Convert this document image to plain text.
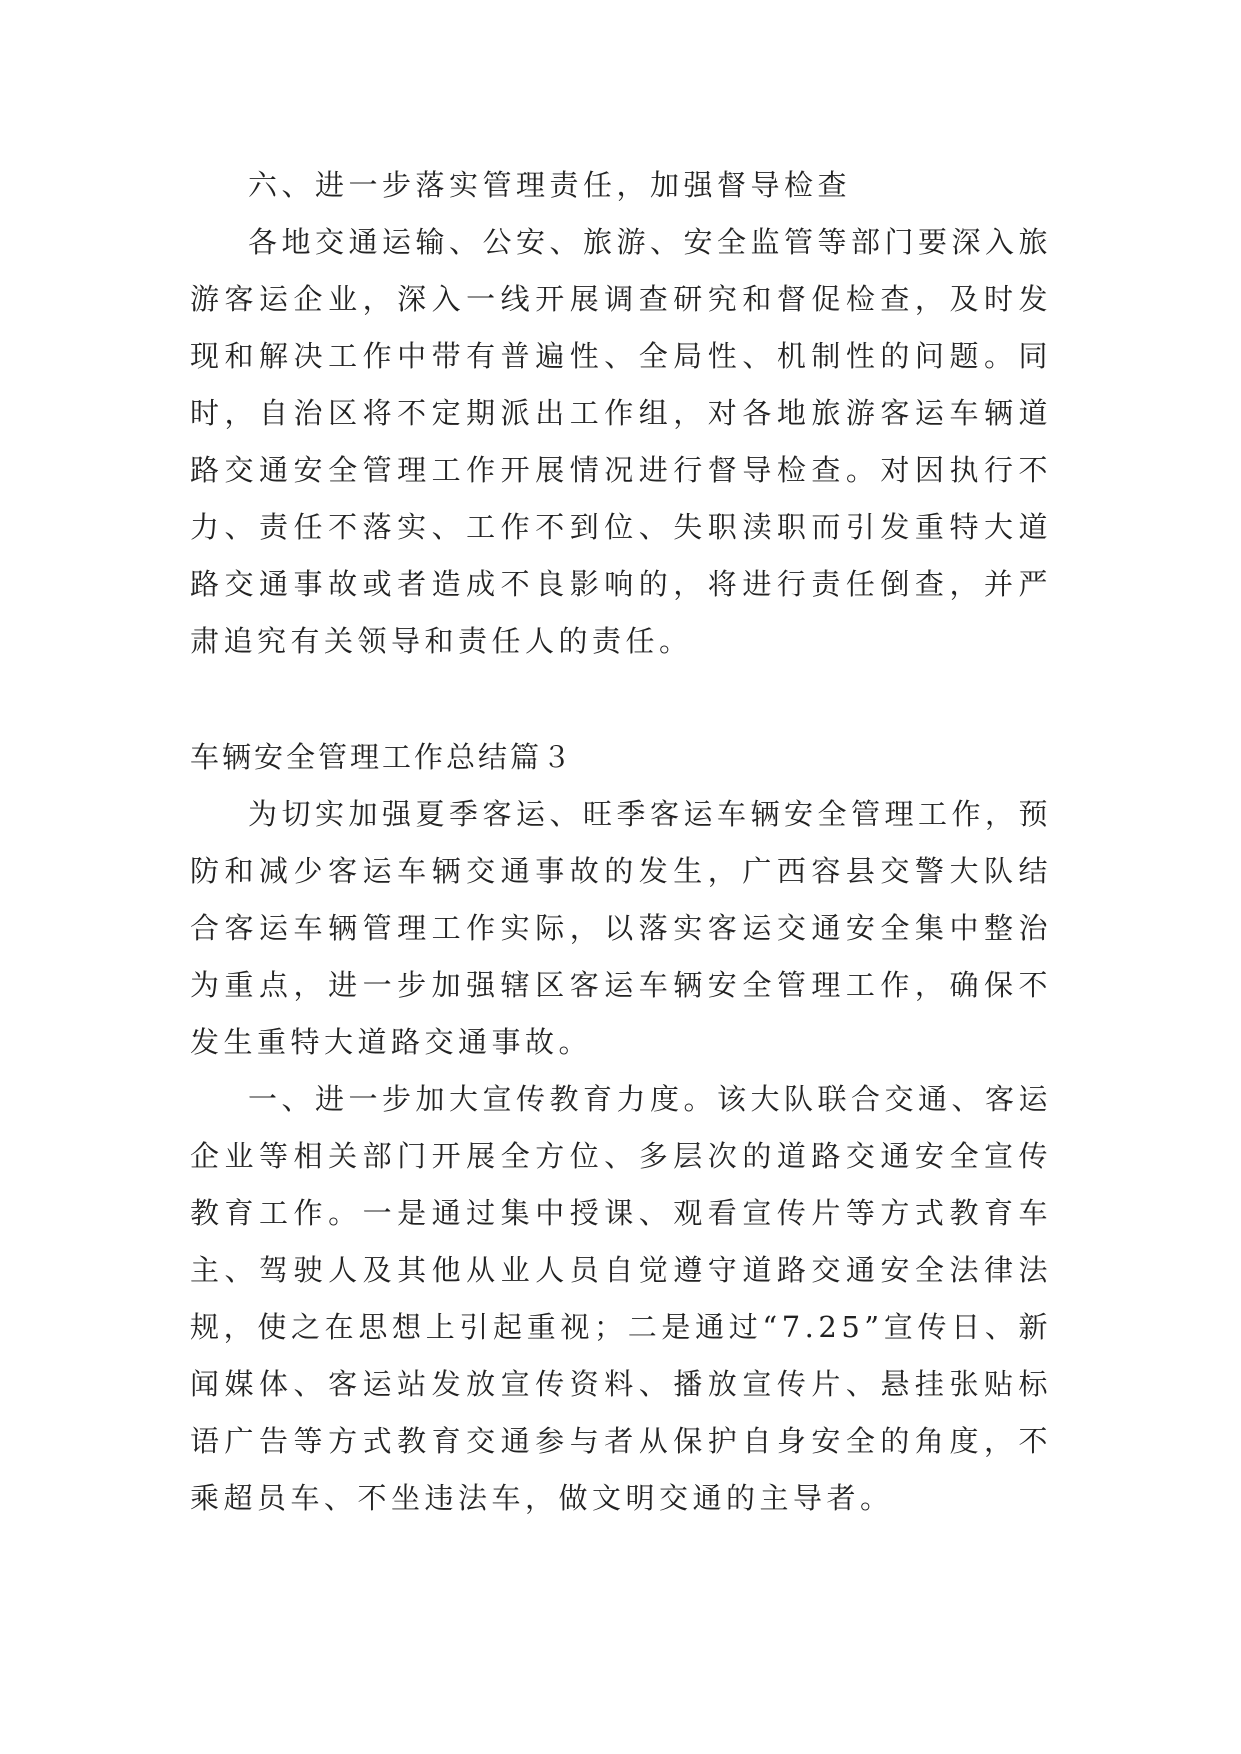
六、进一步落实管理责任，加强督导检查

各地交通运输、公安、旅游、安全监管等部门要深入旅游客运企业，深入一线开展调查研究和督促检查，及时发现和解决工作中带有普遍性、全局性、机制性的问题。同时，自治区将不定期派出工作组，对各地旅游客运车辆道路交通安全管理工作开展情况进行督导检查。对因执行不力、责任不落实、工作不到位、失职渎职而引发重特大道路交通事故或者造成不良影响的，将进行责任倒查，并严肃追究有关领导和责任人的责任。

车辆安全管理工作总结篇３

为切实加强夏季客运、旺季客运车辆安全管理工作，预防和减少客运车辆交通事故的发生，广西容县交警大队结合客运车辆管理工作实际，以落实客运交通安全集中整治为重点，进一步加强辖区客运车辆安全管理工作，确保不发生重特大道路交通事故。

一、进一步加大宣传教育力度。该大队联合交通、客运企业等相关部门开展全方位、多层次的道路交通安全宣传教育工作。一是通过集中授课、观看宣传片等方式教育车主、驾驶人及其他从业人员自觉遵守道路交通安全法律法规，使之在思想上引起重视；二是通过“7.25”宣传日、新闻媒体、客运站发放宣传资料、播放宣传片、悬挂张贴标语广告等方式教育交通参与者从保护自身安全的角度，不乘超员车、不坐违法车，做文明交通的主导者。
